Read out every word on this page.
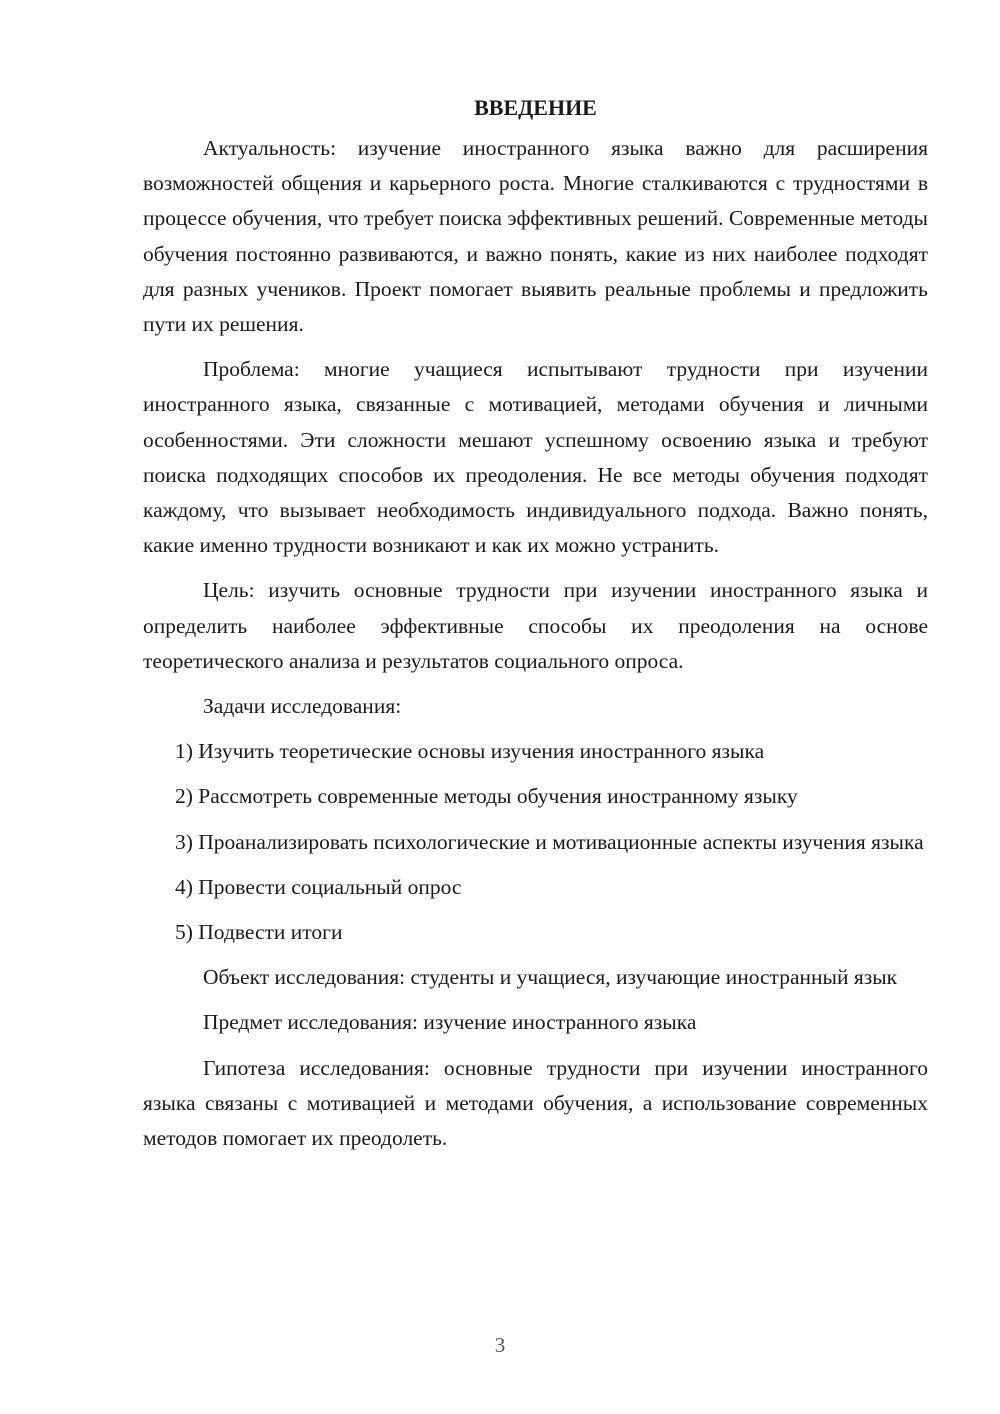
ВВЕДЕНИЕ

Актуальность: изучение иностранного языка важно для расширения возможностей общения и карьерного роста. Многие сталкиваются с трудностями в процессе обучения, что требует поиска эффективных решений. Современные методы обучения постоянно развиваются, и важно понять, какие из них наиболее подходят для разных учеников. Проект помогает выявить реальные проблемы и предложить пути их решения.

Проблема: многие учащиеся испытывают трудности при изучении иностранного языка, связанные с мотивацией, методами обучения и личными особенностями. Эти сложности мешают успешному освоению языка и требуют поиска подходящих способов их преодоления. Не все методы обучения подходят каждому, что вызывает необходимость индивидуального подхода. Важно понять, какие именно трудности возникают и как их можно устранить.

Цель: изучить основные трудности при изучении иностранного языка и определить наиболее эффективные способы их преодоления на основе теоретического анализа и результатов социального опроса.

Задачи исследования:

1) Изучить теоретические основы изучения иностранного языка

2) Рассмотреть современные методы обучения иностранному языку

3) Проанализировать психологические и мотивационные аспекты изучения языка

4) Провести социальный опрос

5) Подвести итоги

Объект исследования: студенты и учащиеся, изучающие иностранный язык

Предмет исследования: изучение иностранного языка

Гипотеза исследования: основные трудности при изучении иностранного языка связаны с мотивацией и методами обучения, а использование современных методов помогает их преодолеть.

3
